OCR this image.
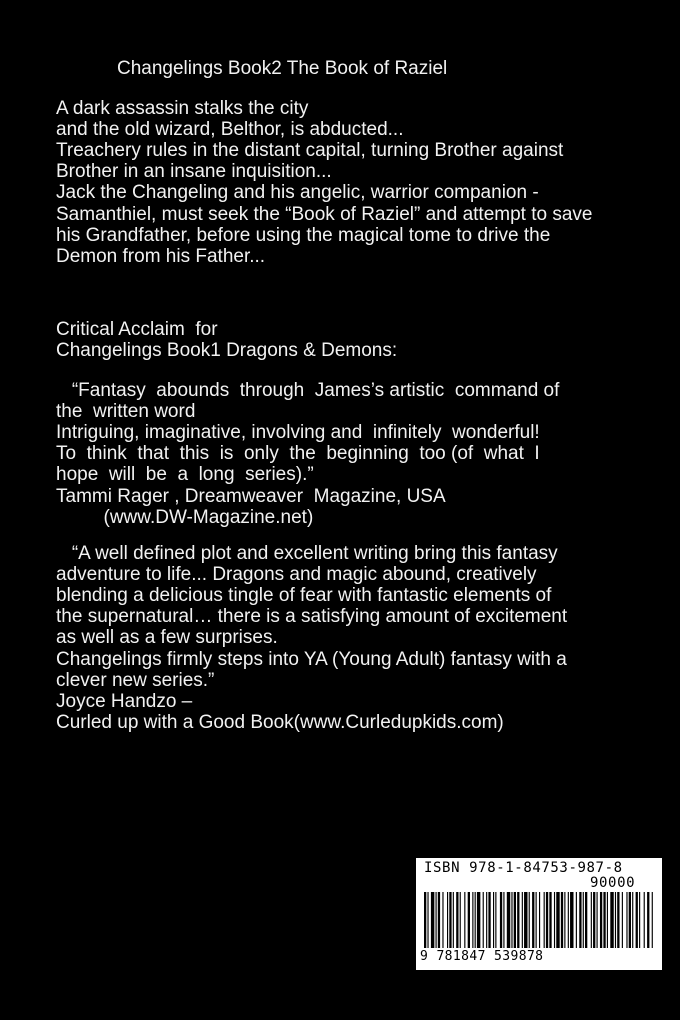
Changelings Book2 The Book of Raziel
A dark assassin stalks the city
and the old wizard, Belthor, is abducted...
Treachery rules in the distant capital, turning Brother against
Brother in an insane inquisition...
Jack the Changeling and his angelic, warrior companion -
Samanthiel, must seek the “Book of Raziel” and attempt to save
his Grandfather, before using the magical tome to drive the
Demon from his Father...
Critical Acclaim  for
Changelings Book1 Dragons & Demons:
“Fantasy  abounds  through  James’s artistic  command of
the  written word
Intriguing, imaginative, involving and  infinitely  wonderful!
To  think  that  this  is  only  the  beginning  too (of  what  I
hope  will  be  a  long  series).”
Tammi Rager , Dreamweaver  Magazine, USA
(www.DW-Magazine.net)
“A well defined plot and excellent writing bring this fantasy
adventure to life... Dragons and magic abound, creatively
blending a delicious tingle of fear with fantastic elements of
the supernatural… there is a satisfying amount of excitement
as well as a few surprises.
Changelings firmly steps into YA (Young Adult) fantasy with a
clever new series.”
Joyce Handzo –
Curled up with a Good Book(www.Curledupkids.com)
ISBN 978-1-84753-987-8
90000
9 781847 539878
